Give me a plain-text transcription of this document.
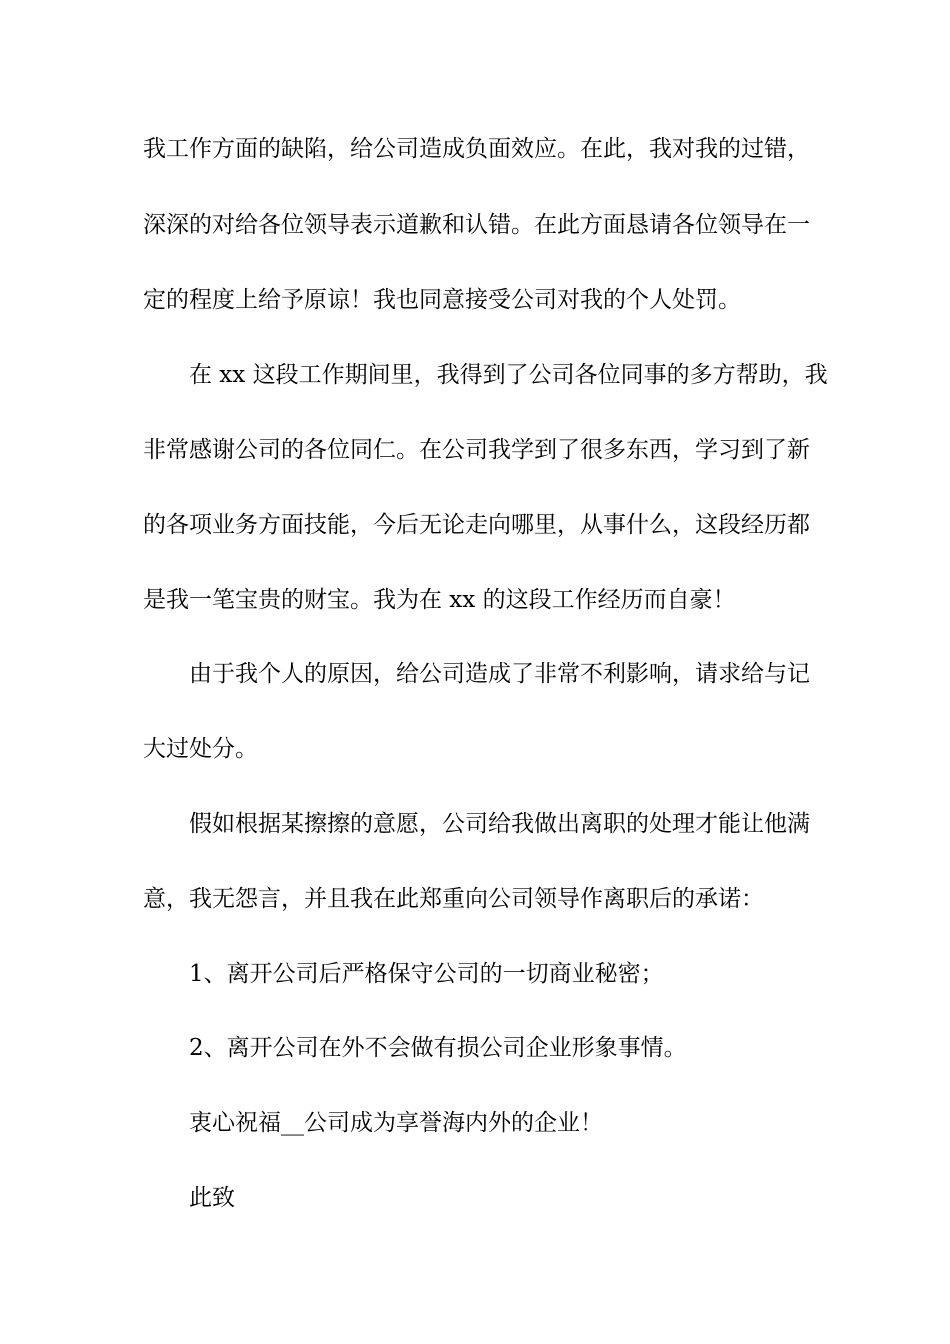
我工作方面的缺陷，给公司造成负面效应。在此，我对我的过错，
深深的对给各位领导表示道歉和认错。在此方面恳请各位领导在一
定的程度上给予原谅！我也同意接受公司对我的个人处罚。
在 xx 这段工作期间里，我得到了公司各位同事的多方帮助，我
非常感谢公司的各位同仁。在公司我学到了很多东西，学习到了新
的各项业务方面技能，今后无论走向哪里，从事什么，这段经历都
是我一笔宝贵的财宝。我为在 xx 的这段工作经历而自豪！
由于我个人的原因，给公司造成了非常不利影响，请求给与记
大过处分。
假如根据某擦擦的意愿，公司给我做出离职的处理才能让他满
意，我无怨言，并且我在此郑重向公司领导作离职后的承诺：
1、离开公司后严格保守公司的一切商业秘密；
2、离开公司在外不会做有损公司企业形象事情。
衷心祝福__公司成为享誉海内外的企业！
此致
